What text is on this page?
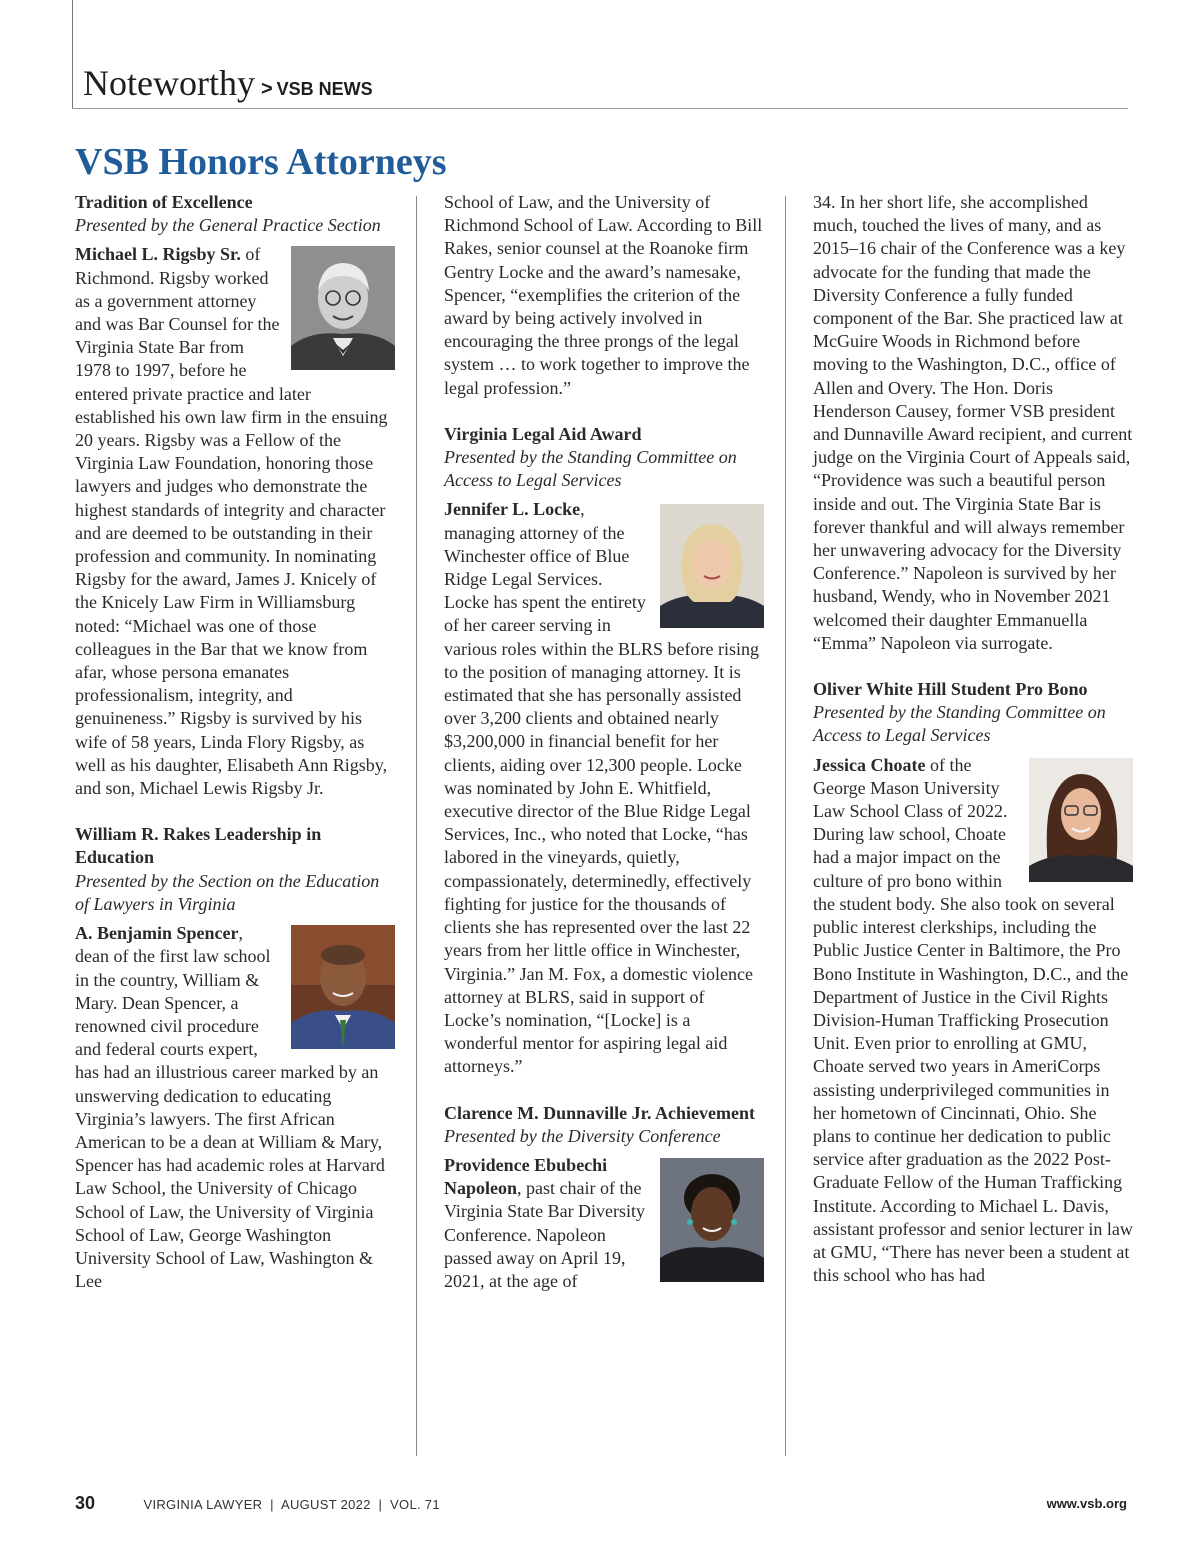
Noteworthy > VSB NEWS
VSB Honors Attorneys

Tradition of Excellence

Presented by the General Practice Section

Michael L. Rigsby Sr. of Richmond. Rigsby worked as a government attorney and was Bar Counsel for the Virginia State Bar from 1978 to 1997, before he entered private practice and later established his own law firm in the ensuing 20 years. Rigsby was a Fellow of the Virginia Law Foundation, honoring those lawyers and judges who demonstrate the highest standards of integrity and character and are deemed to be outstanding in their profession and community. In nominating Rigsby for the award, James J. Knicely of the Knicely Law Firm in Williamsburg noted: “Michael was one of those colleagues in the Bar that we know from afar, whose persona emanates professionalism, integrity, and genuineness.” Rigsby is survived by his wife of 58 years, Linda Flory Rigsby, as well as his daughter, Elisabeth Ann Rigsby, and son, Michael Lewis Rigsby Jr.

William R. Rakes Leadership in Education

Presented by the Section on the Education of Lawyers in Virginia

A. Benjamin Spencer, dean of the first law school in the country, William & Mary. Dean Spencer, a renowned civil procedure and federal courts expert, has had an illustrious career marked by an unswerving dedication to educating Virginia’s lawyers. The first African American to be a dean at William & Mary, Spencer has had academic roles at Harvard Law School, the University of Chicago School of Law, the University of Virginia School of Law, George Washington University School of Law, Washington & Lee

School of Law, and the University of Richmond School of Law. According to Bill Rakes, senior counsel at the Roanoke firm Gentry Locke and the award’s namesake, Spencer, “exemplifies the criterion of the award by being actively involved in encouraging the three prongs of the legal system … to work together to improve the legal profession.”

Virginia Legal Aid Award

Presented by the Standing Committee on Access to Legal Services

Jennifer L. Locke, managing attorney of the Winchester office of Blue Ridge Legal Services. Locke has spent the entirety of her career serving in various roles within the BLRS before rising to the position of managing attorney. It is estimated that she has personally assisted over 3,200 clients and obtained nearly $3,200,000 in financial benefit for her clients, aiding over 12,300 people. Locke was nominated by John E. Whitfield, executive director of the Blue Ridge Legal Services, Inc., who noted that Locke, “has labored in the vineyards, quietly, compassionately, determinedly, effectively fighting for justice for the thousands of clients she has represented over the last 22 years from her little office in Winchester, Virginia.” Jan M. Fox, a domestic violence attorney at BLRS, said in support of Locke’s nomination, “[Locke] is a wonderful mentor for aspiring legal aid attorneys.”

Clarence M. Dunnaville Jr. Achievement

Presented by the Diversity Conference

Providence Ebubechi Napoleon, past chair of the Virginia State Bar Diversity Conference. Napoleon passed away on April 19, 2021, at the age of

34. In her short life, she accomplished much, touched the lives of many, and as 2015–16 chair of the Conference was a key advocate for the funding that made the Diversity Conference a fully funded component of the Bar. She practiced law at McGuire Woods in Richmond before moving to the Washington, D.C., office of Allen and Overy. The Hon. Doris Henderson Causey, former VSB president and Dunnaville Award recipient, and current judge on the Virginia Court of Appeals said, “Providence was such a beautiful person inside and out. The Virginia State Bar is forever thankful and will always remember her unwavering advocacy for the Diversity Conference.” Napoleon is survived by her husband, Wendy, who in November 2021 welcomed their daughter Emmanuella “Emma” Napoleon via surrogate.

Oliver White Hill Student Pro Bono

Presented by the Standing Committee on Access to Legal Services

Jessica Choate of the George Mason University Law School Class of 2022. During law school, Choate had a major impact on the culture of pro bono within the student body. She also took on several public interest clerkships, including the Public Justice Center in Baltimore, the Pro Bono Institute in Washington, D.C., and the Department of Justice in the Civil Rights Division-Human Trafficking Prosecution Unit. Even prior to enrolling at GMU, Choate served two years in AmeriCorps assisting underprivileged communities in her hometown of Cincinnati, Ohio. She plans to continue her dedication to public service after graduation as the 2022 Post-Graduate Fellow of the Human Trafficking Institute. According to Michael L. Davis, assistant professor and senior lecturer in law at GMU, “There has never been a student at this school who has had

30	VIRGINIA LAWYER  |  AUGUST 2022  |  VOL. 71	www.vsb.org
